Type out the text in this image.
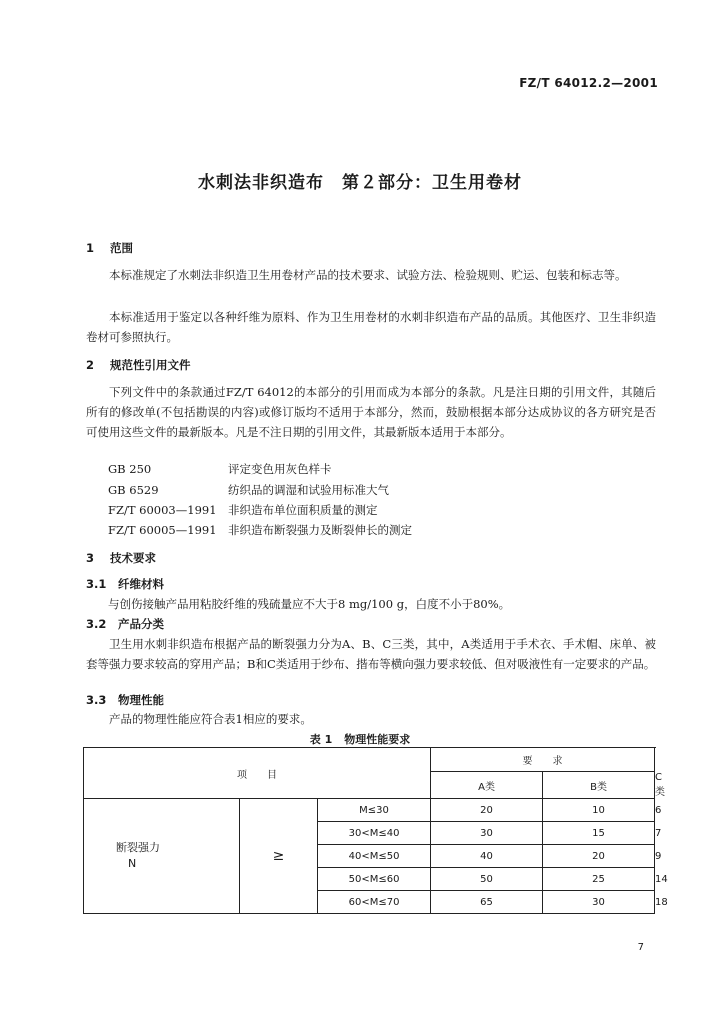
FZ/T 64012.2—2001
水刺法非织造布　第２部分：卫生用卷材
1 范围

本标准规定了水刺法非织造卫生用卷材产品的技术要求、试验方法、检验规则、贮运、包装和标志等。

本标准适用于鉴定以各种纤维为原料、作为卫生用卷材的水刺非织造布产品的品质。其他医疗、卫生非织造卷材可参照执行。

2 规范性引用文件

下列文件中的条款通过FZ/T 64012的本部分的引用而成为本部分的条款。凡是注日期的引用文件，其随后所有的修改单(不包括勘误的内容)或修订版均不适用于本部分，然而，鼓励根据本部分达成协议的各方研究是否可使用这些文件的最新版本。凡是不注日期的引用文件，其最新版本适用于本部分。

GB 250	评定变色用灰色样卡
GB 6529	纺织品的调湿和试验用标准大气
FZ/T 60003—1991 非织造布单位面积质量的测定
FZ/T 60005—1991 非织造布断裂强力及断裂伸长的测定
3 技术要求
3.1 纤维材料

与创伤接触产品用粘胶纤维的残硫量应不大于8 mg/100 g，白度不小于80%。

3.2 产品分类

卫生用水刺非织造布根据产品的断裂强力分为A、B、C三类，其中，A类适用于手术衣、手术帽、床单、被套等强力要求较高的穿用产品；B和C类适用于纱布、揩布等横向强力要求较低、但对吸液性有一定要求的产品。

3.3 物理性能

产品的物理性能应符合表1相应的要求。

表 1 物理性能要求
项　　目			要　　求		
			A类	B类	C类

断裂强力
N	≥	M≤30	20	10	6
		30<M≤40	30	15	7
		40<M≤50	40	20	9
		50<M≤60	50	25	14
		60<M≤70	65	30	18
7
